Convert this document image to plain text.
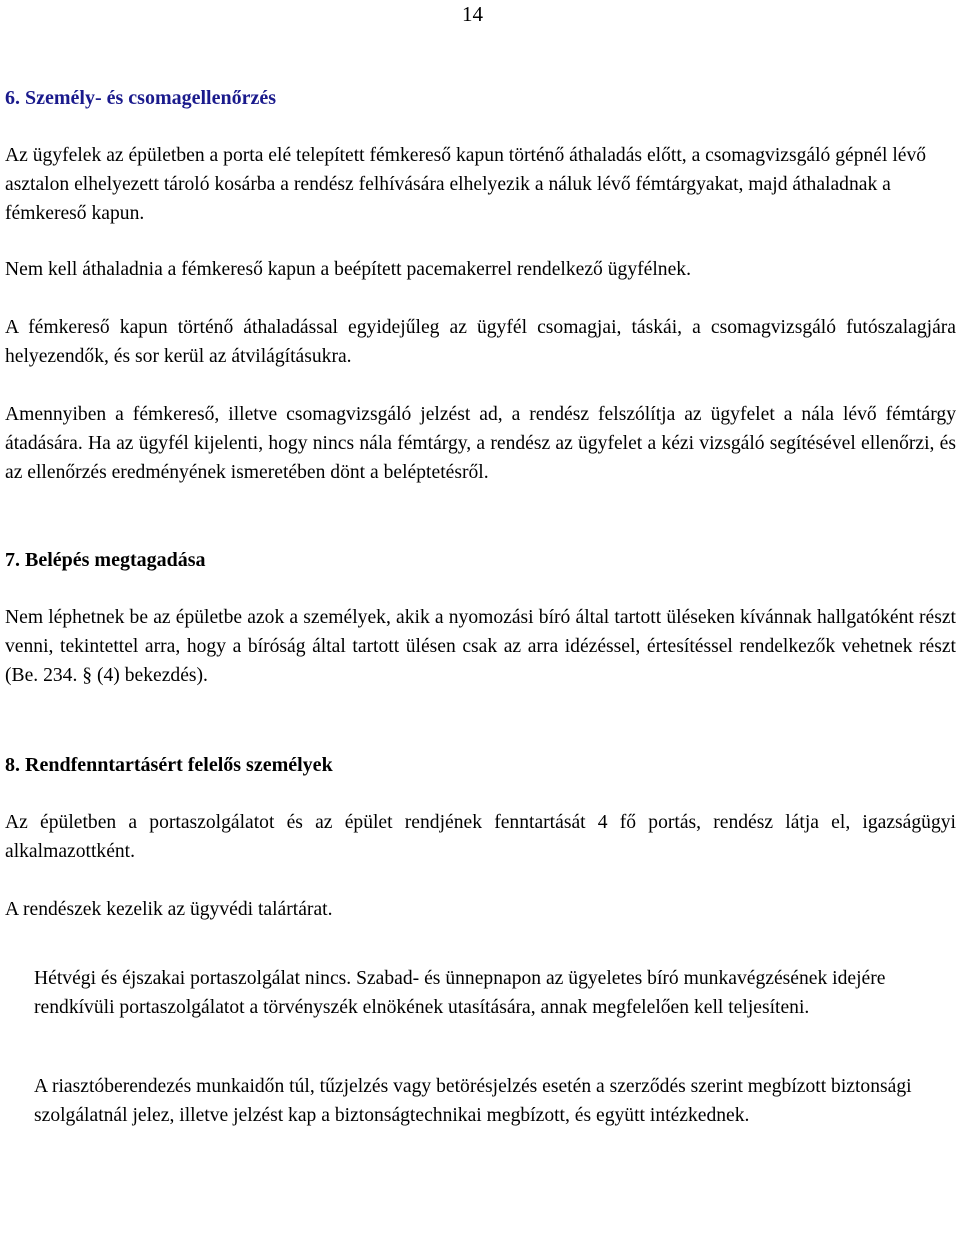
14
6. Személy- és csomagellenőrzés

Az ügyfelek az épületben a porta elé telepített fémkereső kapun történő áthaladás előtt, a csomagvizsgáló gépnél lévő asztalon elhelyezett tároló kosárba a rendész felhívására elhelyezik a náluk lévő fémtárgyakat, majd áthaladnak a fémkereső kapun.

Nem kell áthaladnia a fémkereső kapun a beépített pacemakerrel rendelkező ügyfélnek.

A fémkereső kapun történő áthaladással egyidejűleg az ügyfél csomagjai, táskái, a csomagvizsgáló futószalagjára helyezendők, és sor kerül az átvilágításukra.

Amennyiben a fémkereső, illetve csomagvizsgáló jelzést ad, a rendész felszólítja az ügyfelet a nála lévő fémtárgy átadására. Ha az ügyfél kijelenti, hogy nincs nála fémtárgy, a rendész az ügyfelet a kézi vizsgáló segítésével ellenőrzi, és az ellenőrzés eredményének ismeretében dönt a beléptetésről.

7. Belépés megtagadása

Nem léphetnek be az épületbe azok a személyek, akik a nyomozási bíró által tartott üléseken kívánnak hallgatóként részt venni, tekintettel arra, hogy a bíróság által tartott ülésen csak az arra idézéssel, értesítéssel rendelkezők vehetnek részt (Be. 234. § (4) bekezdés).

8. Rendfenntartásért felelős személyek

Az épületben a portaszolgálatot és az épület rendjének fenntartását 4 fő portás, rendész látja el, igazságügyi alkalmazottként.

A rendészek kezelik az ügyvédi talártárat.

Hétvégi és éjszakai portaszolgálat nincs. Szabad- és ünnepnapon az ügyeletes bíró munkavégzésének idejére rendkívüli portaszolgálatot a törvényszék elnökének utasítására, annak megfelelően kell teljesíteni.

A riasztóberendezés munkaidőn túl, tűzjelzés vagy betörésjelzés esetén a szerződés szerint megbízott biztonsági szolgálatnál jelez, illetve jelzést kap a biztonságtechnikai megbízott, és együtt intézkednek.
